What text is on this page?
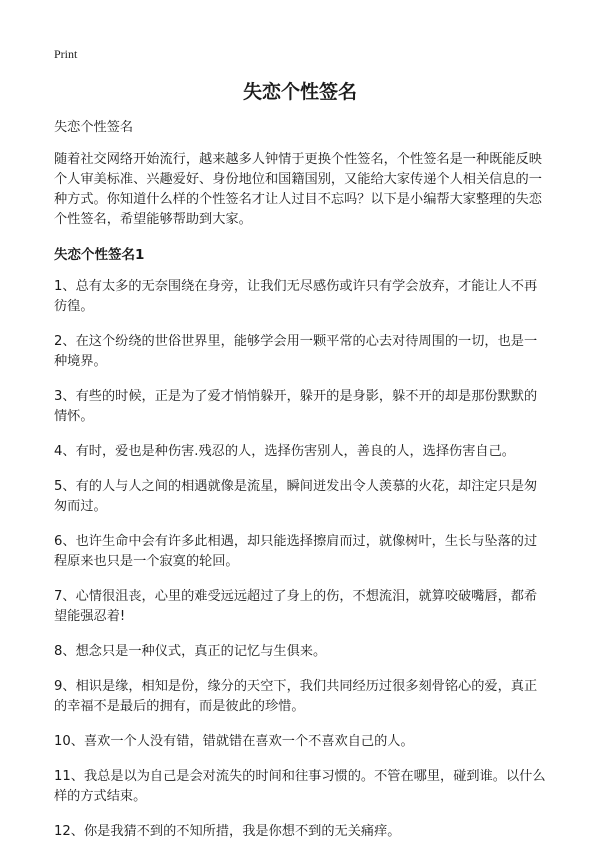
Print
失恋个性签名

失恋个性签名

随着社交网络开始流行，越来越多人钟情于更换个性签名，个性签名是一种既能反映个人审美标准、兴趣爱好、身份地位和国籍国别，又能给大家传递个人相关信息的一种方式。你知道什么样的个性签名才让人过目不忘吗？以下是小编帮大家整理的失恋个性签名，希望能够帮助到大家。

失恋个性签名1

1、总有太多的无奈围绕在身旁，让我们无尽感伤或许只有学会放弃，才能让人不再彷徨。

2、在这个纷绕的世俗世界里，能够学会用一颗平常的心去对待周围的一切，也是一种境界。

3、有些的时候，正是为了爱才悄悄躲开，躲开的是身影，躲不开的却是那份默默的情怀。

4、有时，爱也是种伤害.残忍的人，选择伤害别人，善良的人，选择伤害自己。

5、有的人与人之间的相遇就像是流星，瞬间迸发出令人羡慕的火花，却注定只是匆匆而过。

6、也许生命中会有许多此相遇，却只能选择擦肩而过，就像树叶，生长与坠落的过程原来也只是一个寂寞的轮回。

7、心情很沮丧，心里的难受远远超过了身上的伤，不想流泪，就算咬破嘴唇，都希望能强忍着!

8、想念只是一种仪式，真正的记忆与生俱来。

9、相识是缘，相知是份，缘分的天空下，我们共同经历过很多刻骨铭心的爱，真正的幸福不是最后的拥有，而是彼此的珍惜。

10、喜欢一个人没有错，错就错在喜欢一个不喜欢自己的人。

11、我总是以为自己是会对流失的时间和往事习惯的。不管在哪里，碰到谁。以什么样的方式结束。

12、你是我猜不到的不知所措，我是你想不到的无关痛痒。
